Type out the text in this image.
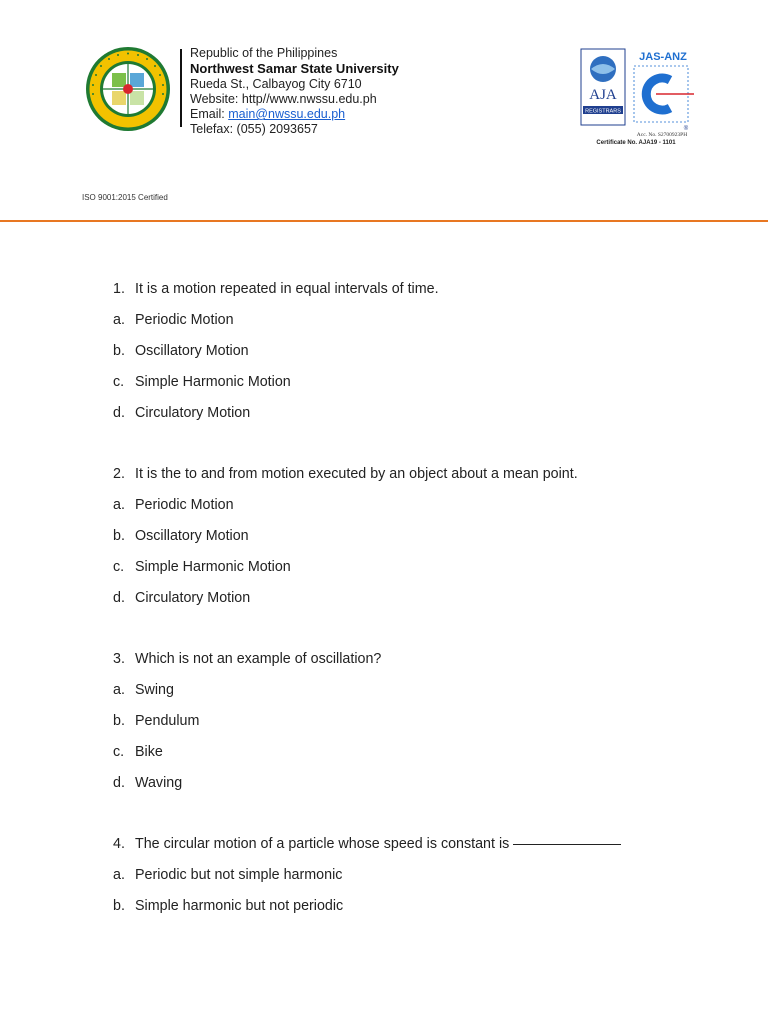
Republic of the Philippines
Northwest Samar State University
Rueda St., Calbayog City 6710
Website: http//www.nwssu.edu.ph
Email: main@nwssu.edu.ph
Telefax: (055) 2093657
AJA
REGISTRARS
JAS-ANZ
®
Acc. No. S2700923PH
Certificate No. AJA19 - 1101
ISO 9001:2015 Certified
1. It is a motion repeated in equal intervals of time.
a. Periodic Motion
b. Oscillatory Motion
c. Simple Harmonic Motion
d. Circulatory Motion
2. It is the to and from motion executed by an object about a mean point.
a. Periodic Motion
b. Oscillatory Motion
c. Simple Harmonic Motion
d. Circulatory Motion
3. Which is not an example of oscillation?
a. Swing
b. Pendulum
c. Bike
d. Waving
4. The circular motion of a particle whose speed is constant is
a. Periodic but not simple harmonic
b. Simple harmonic but not periodic
